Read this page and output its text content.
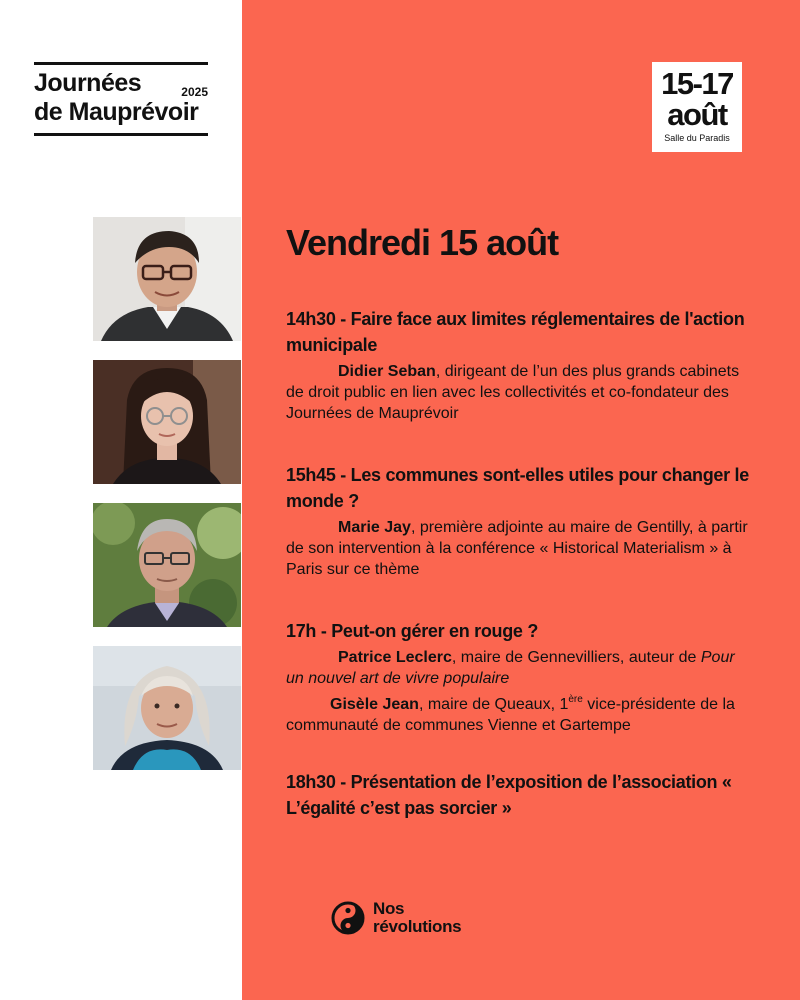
Journées	2025
de Mauprévoir
15-17
août
Salle du Paradis
Vendredi 15 août
14h30 - Faire face aux limites réglementaires de l'action municipale
Didier Seban, dirigeant de l’un des plus grands cabinets de droit public en lien avec les collectivités et co-fondateur des Journées de Mauprévoir
15h45 - Les communes sont-elles utiles pour changer le monde ?
Marie Jay, première adjointe au maire de Gentilly, à partir de son intervention à la conférence « Historical Materialism » à Paris sur ce thème
17h - Peut-on gérer en rouge ?
Patrice Leclerc, maire de Gennevilliers, auteur de Pour un nouvel art de vivre populaire
Gisèle Jean, maire de Queaux, 1ère vice-présidente de la communauté de communes Vienne et Gartempe
18h30 - Présentation de l’exposition de l’association « L’égalité c’est pas sorcier »
Nos
révolutions
